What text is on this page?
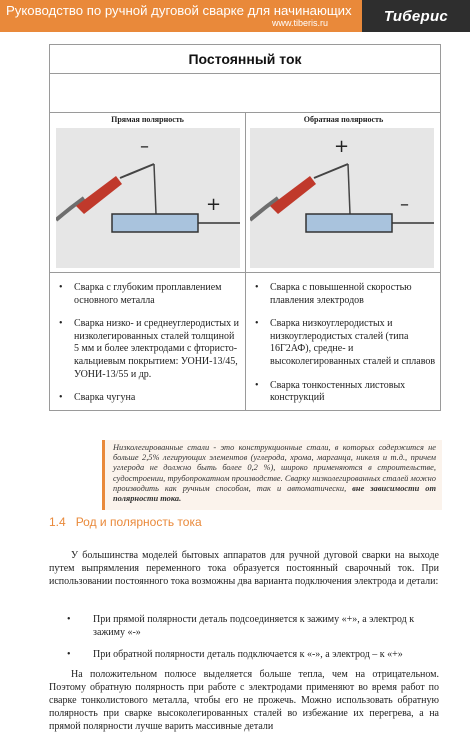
Руководство по ручной дуговой сварке для начинающих
www.tiberis.ru	Тиберис
Постоянный ток
Прямая полярность	Обратная полярность
–
+
+
–
• Сварка с глубоким проплавлением основного металла
• Сварка низко- и среднеуглеродистых и низколегированных сталей толщиной 5 мм и более электродами с фтористо-кальциевым покрытием: УОНИ-13/45, УОНИ-13/55 и др.
• Сварка чугуна
• Сварка с повышенной скоростью плавления электродов
• Сварка низкоуглеродистых и низкоуглеродистых сталей (типа 16Г2АФ), средне- и высоколегированных сталей и сплавов
• Сварка тонкостенных листовых конструкций
Низколегированные стали - это конструкционные стали, в которых содержится не больше 2,5% легирующих элементов (углерода, хрома, марганца, никеля и т.д., причем углерода не должно быть более 0,2 %), широко применяются в строительстве, судостроении, трубопрокатном производстве. Сварку низколегированных сталей можно производить как ручным способом, так и автоматически, вне зависимости от полярности тока.
1.4 Род и полярность тока
У большинства моделей бытовых аппаратов для ручной дуговой сварки на выходе путем выпрямления переменного тока образуется постоянный сварочный ток. При использовании постоянного тока возможны два варианта подключения электрода и детали:
• При прямой полярности деталь подсоединяется к зажиму «+», а электрод к зажиму «-»
• При обратной полярности деталь подключается к «-», а электрод – к «+»
На положительном полюсе выделяется больше тепла, чем на отрицательном. Поэтому обратную полярность при работе с электродами применяют во время работ по сварке тонколистового металла, чтобы его не прожечь. Можно использовать обратную полярность при сварке высоколегированных сталей во избежание их перегрева, а на прямой полярности лучше варить массивные детали
